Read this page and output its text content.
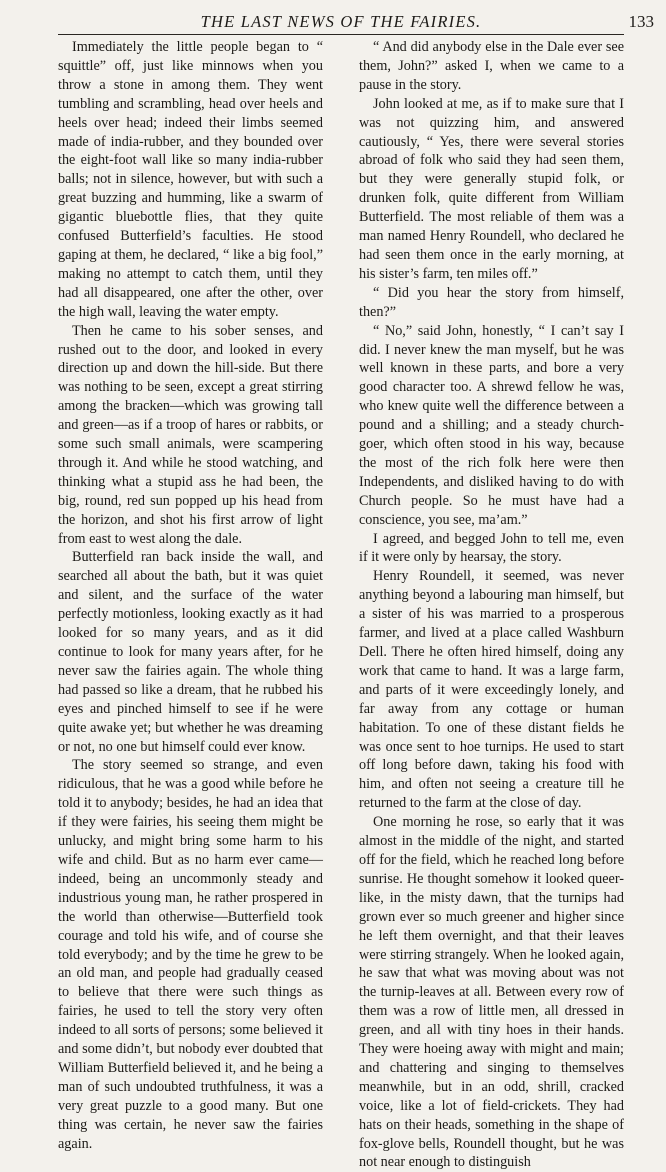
THE LAST NEWS OF THE FAIRIES.	133

Immediately the little people began to “ squittle” off, just like minnows when you throw a stone in among them. They went tumbling and scrambling, head over heels and heels over head; indeed their limbs seemed made of india-rubber, and they bounded over the eight-foot wall like so many india-rubber balls; not in silence, however, but with such a great buzzing and humming, like a swarm of gigantic bluebottle flies, that they quite confused Butterfield’s faculties. He stood gaping at them, he declared, “ like a big fool,” making no attempt to catch them, until they had all disappeared, one after the other, over the high wall, leaving the water empty.

Then he came to his sober senses, and rushed out to the door, and looked in every direction up and down the hill-side. But there was nothing to be seen, except a great stirring among the bracken—which was growing tall and green—as if a troop of hares or rabbits, or some such small animals, were scampering through it. And while he stood watching, and thinking what a stupid ass he had been, the big, round, red sun popped up his head from the horizon, and shot his first arrow of light from east to west along the dale.

Butterfield ran back inside the wall, and searched all about the bath, but it was quiet and silent, and the surface of the water perfectly motionless, looking exactly as it had looked for so many years, and as it did continue to look for many years after, for he never saw the fairies again. The whole thing had passed so like a dream, that he rubbed his eyes and pinched himself to see if he were quite awake yet; but whether he was dreaming or not, no one but himself could ever know.

The story seemed so strange, and even ridiculous, that he was a good while before he told it to anybody; besides, he had an idea that if they were fairies, his seeing them might be unlucky, and might bring some harm to his wife and child. But as no harm ever came—indeed, being an uncommonly steady and industrious young man, he rather prospered in the world than otherwise—Butterfield took courage and told his wife, and of course she told everybody; and by the time he grew to be an old man, and people had gradually ceased to believe that there were such things as fairies, he used to tell the story very often indeed to all sorts of persons; some believed it and some didn’t, but nobody ever doubted that William Butterfield believed it, and he being a man of such undoubted truthfulness, it was a very great puzzle to a good many. But one thing was certain, he never saw the fairies again.

“ And did anybody else in the Dale ever see them, John?” asked I, when we came to a pause in the story.

John looked at me, as if to make sure that I was not quizzing him, and answered cautiously, “ Yes, there were several stories abroad of folk who said they had seen them, but they were generally stupid folk, or drunken folk, quite different from William Butterfield. The most reliable of them was a man named Henry Roundell, who declared he had seen them once in the early morning, at his sister’s farm, ten miles off.”

“ Did you hear the story from himself, then?”

“ No,” said John, honestly, “ I can’t say I did. I never knew the man myself, but he was well known in these parts, and bore a very good character too. A shrewd fellow he was, who knew quite well the difference between a pound and a shilling; and a steady church-goer, which often stood in his way, because the most of the rich folk here were then Independents, and disliked having to do with Church people. So he must have had a conscience, you see, ma’am.”

I agreed, and begged John to tell me, even if it were only by hearsay, the story.

Henry Roundell, it seemed, was never anything beyond a labouring man himself, but a sister of his was married to a prosperous farmer, and lived at a place called Washburn Dell. There he often hired himself, doing any work that came to hand. It was a large farm, and parts of it were exceedingly lonely, and far away from any cottage or human habitation. To one of these distant fields he was once sent to hoe turnips. He used to start off long before dawn, taking his food with him, and often not seeing a creature till he returned to the farm at the close of day.

One morning he rose, so early that it was almost in the middle of the night, and started off for the field, which he reached long before sunrise. He thought somehow it looked queer-like, in the misty dawn, that the turnips had grown ever so much greener and higher since he left them overnight, and that their leaves were stirring strangely. When he looked again, he saw that what was moving about was not the turnip-leaves at all. Between every row of them was a row of little men, all dressed in green, and all with tiny hoes in their hands. They were hoeing away with might and main; and chattering and singing to themselves meanwhile, but in an odd, shrill, cracked voice, like a lot of field-crickets. They had hats on their heads, something in the shape of fox-glove bells, Roundell thought, but he was not near enough to distinguish
